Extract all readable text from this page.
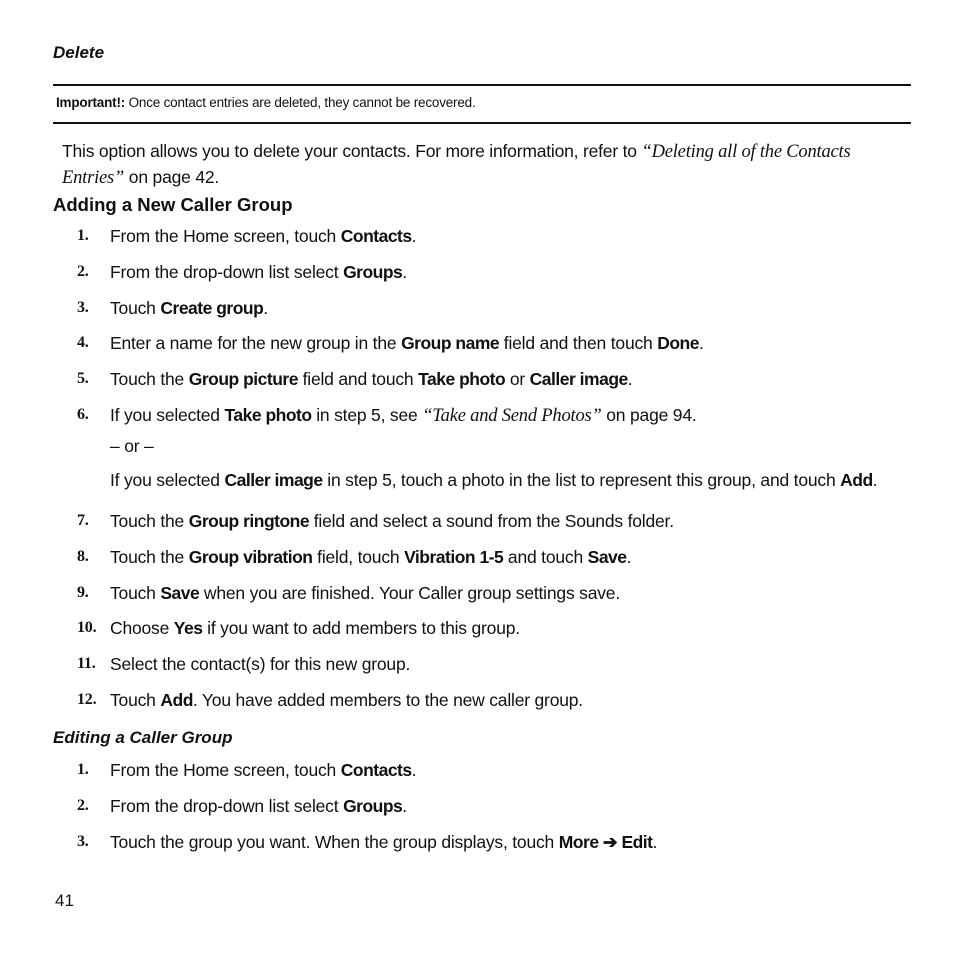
Delete
Important!: Once contact entries are deleted, they cannot be recovered.
This option allows you to delete your contacts. For more information, refer to “Deleting all of the Contacts Entries” on page 42.
Adding a New Caller Group
1. From the Home screen, touch Contacts.
2. From the drop-down list select Groups.
3. Touch Create group.
4. Enter a name for the new group in the Group name field and then touch Done.
5. Touch the Group picture field and touch Take photo or Caller image.
6. If you selected Take photo in step 5, see “Take and Send Photos” on page 94.
7. Touch the Group ringtone field and select a sound from the Sounds folder.
8. Touch the Group vibration field, touch Vibration 1-5 and touch Save.
9. Touch Save when you are finished. Your Caller group settings save.
10. Choose Yes if you want to add members to this group.
11. Select the contact(s) for this new group.
12. Touch Add. You have added members to the new caller group.
– or –
If you selected Caller image in step 5, touch a photo in the list to represent this group, and touch Add.
Editing a Caller Group
1. From the Home screen, touch Contacts.
2. From the drop-down list select Groups.
3. Touch the group you want. When the group displays, touch More ➔ Edit.
41
